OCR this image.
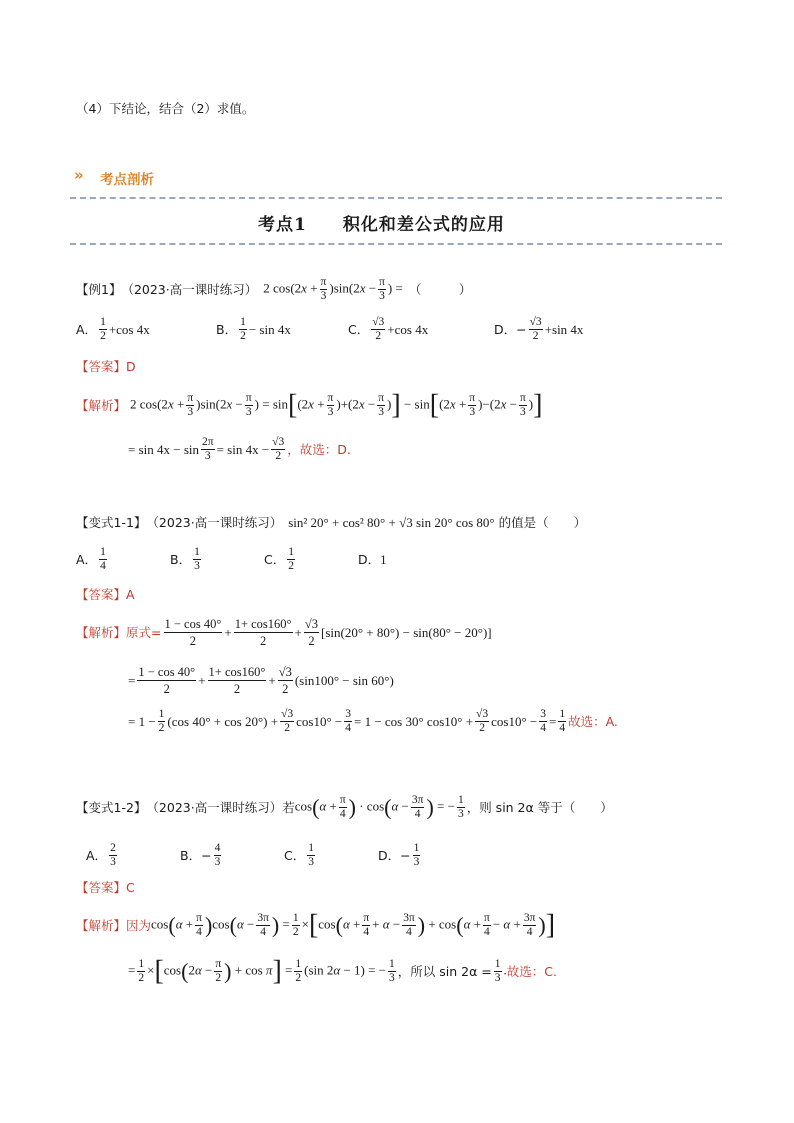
（4）下结论，结合（2）求值。
» 考点剖析
考点1　　积化和差公式的应用
【例1】 （2023·高一课时练习） 2 $\cos(2x + \frac{\pi}{3} )\sin(2x - \frac{\pi}{3}$ ) = （　　　）
A． $\frac{1}{2} +\cos$ 4x	B． $\frac{1}{2} - \sin 4x$	C． $\frac{√3}{2} +\cos$ 4x	D．− $\frac{√3}{2} +\sin$ 4x
【答案】D
【解析】 2 $\cos(2x + \frac{\pi}{3} )\sin(2x - \frac{\pi}{3}$ ) = $\sin[(2x + \frac{\pi}{3} )+(2x - \frac{\pi}{3}$ )] − $\sin[(2x + \frac{\pi}{3} )-(2x - \frac{\pi}{3}$ )]
= $\sin 4x - \sin \frac{2\pi}{3} = \sin 4x - \frac{√3}{2}$ ，故选：D.
【变式1-1】 （2023·高一课时练习） sin² 20° + cos² 80° + √3 sin 20° cos 80° 的值是（　　）
A． $\frac{1}{4}$	B． $\frac{1}{3}$	C． $\frac{1}{2}$	D． 1
【答案】A
【解析】 原式= $\frac{1 - \cos 40^\circ}{2} + \frac{1+ \cos 160^\circ}{2} + \frac{√3}{2} [\sin(20^\circ + 80^\circ) - \sin(80^\circ - 20^\circ)]$
= $\frac{1 - \cos 40^\circ}{2} + \frac{1+ \cos 160^\circ}{2} + \frac{√3}{2} (\sin 100^\circ - \sin 60^\circ)$
= $1 - \frac{1}{2} (\cos$ $40^\circ + \cos 20^\circ) + \frac{√3}{2} \cos 10^\circ - \frac{3}{4} = 1 - \cos 30^\circ$ $\cos 10^\circ + \frac{√3}{2} \cos 10^\circ - \frac{3}{4} = \frac{1}{4}$ 故选：A.
【变式1-2】 （2023·高一课时练习） 若 $\cos(\alpha + \frac{\pi}{4}$ ) · $\cos(\alpha - \frac{3\pi}{4}$ ) = − $\frac{1}{3}$ ，则 sin 2α 等于（　　）
A． $\frac{2}{3}$	B．− $\frac{4}{3}$	C． $\frac{1}{3}$	D．− $\frac{1}{3}$
【答案】C
【解析】 因为 $\cos(\alpha + \frac{\pi}{4} )\cos(\alpha - \frac{3\pi}{4}$ ) = $\frac{1}{2} \times[\cos(\alpha + \frac{\pi}{4} + \alpha - \frac{3\pi}{4}$ ) + $\cos(\alpha + \frac{\pi}{4} - \alpha + \frac{3\pi}{4}$ )]
= $\frac{1}{2} \times[\cos(2\alpha - \frac{\pi}{2}$ ) + $\cos \pi] = \frac{1}{2} (\sin$ 2α − 1) = − $\frac{1}{3}$ ，所以 $\sin 2\alpha = \frac{1}{3}$ . 故选：C.
